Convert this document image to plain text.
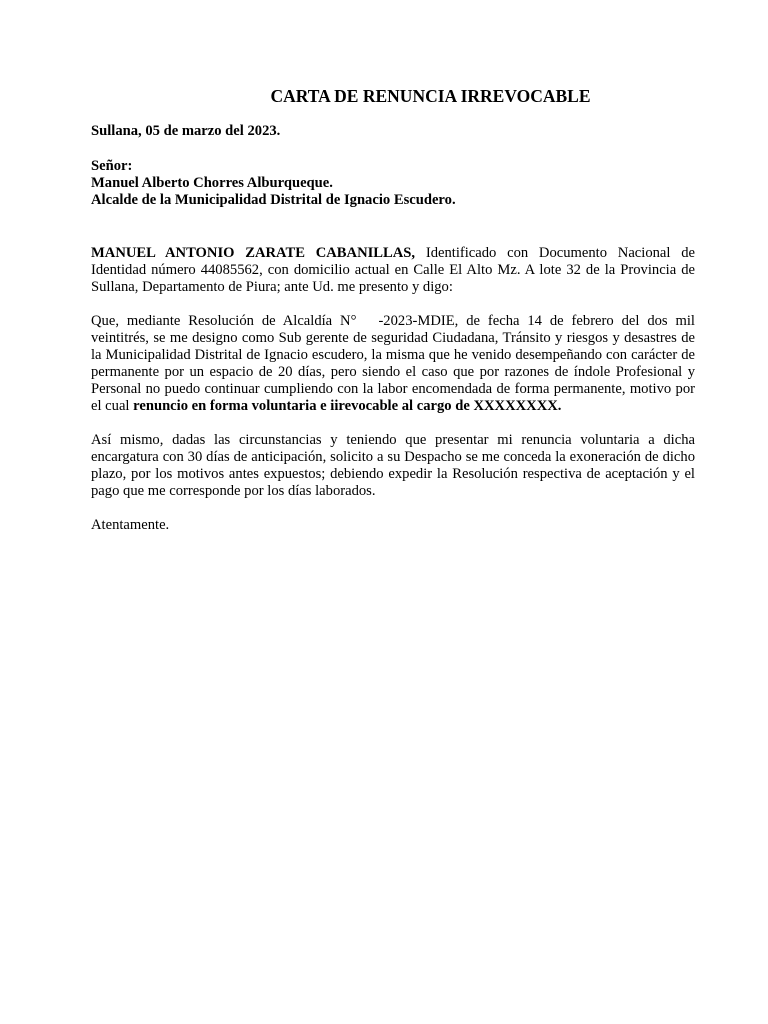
CARTA DE RENUNCIA IRREVOCABLE

Sullana, 05 de marzo del 2023.

Señor:

Manuel Alberto Chorres Alburqueque.

Alcalde de la Municipalidad Distrital de Ignacio Escudero.

MANUEL ANTONIO ZARATE CABANILLAS, Identificado con Documento Nacional de Identidad número 44085562, con domicilio actual en Calle El Alto Mz. A lote 32 de la Provincia de Sullana, Departamento de Piura; ante Ud. me presento y digo:

Que, mediante Resolución de Alcaldía N° -2023-MDIE, de fecha 14 de febrero del dos mil veintitrés, se me designo como Sub gerente de seguridad Ciudadana, Tránsito y riesgos y desastres de la Municipalidad Distrital de Ignacio escudero, la misma que he venido desempeñando con carácter de permanente por un espacio de 20 días, pero siendo el caso que por razones de índole Profesional y Personal no puedo continuar cumpliendo con la labor encomendada de forma permanente, motivo por el cual renuncio en forma voluntaria e iirevocable al cargo de XXXXXXXX.

Así mismo, dadas las circunstancias y teniendo que presentar mi renuncia voluntaria a dicha encargatura con 30 días de anticipación, solicito a su Despacho se me conceda la exoneración de dicho plazo, por los motivos antes expuestos; debiendo expedir la Resolución respectiva de aceptación y el pago que me corresponde por los días laborados.

Atentamente.
